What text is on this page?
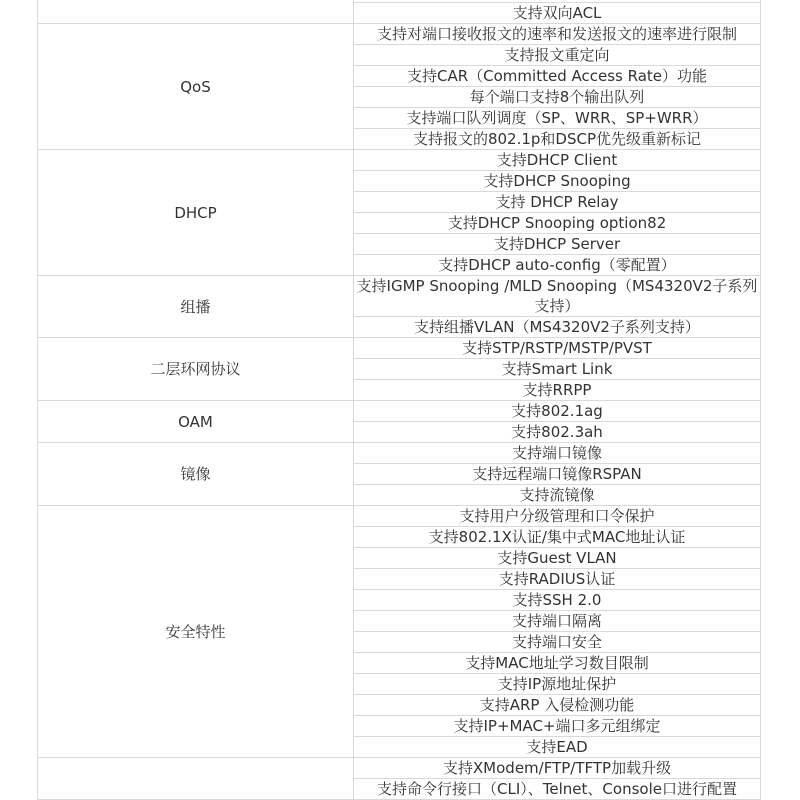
	支持双向ACL
QoS	支持对端口接收报文的速率和发送报文的速率进行限制
	支持报文重定向
	支持CAR（Committed Access Rate）功能
	每个端口支持8个输出队列
	支持端口队列调度（SP、WRR、SP+WRR）
	支持报文的802.1p和DSCP优先级重新标记
DHCP	支持DHCP Client
	支持DHCP Snooping
	支持 DHCP Relay
	支持DHCP Snooping option82
	支持DHCP Server
	支持DHCP auto-config（零配置）
组播	支持IGMP Snooping /MLD Snooping（MS4320V2子系列支持）
	支持组播VLAN（MS4320V2子系列支持）
二层环网协议	支持STP/RSTP/MSTP/PVST
	支持Smart Link
	支持RRPP
OAM	支持802.1ag
	支持802.3ah
镜像	支持端口镜像
	支持远程端口镜像RSPAN
	支持流镜像
安全特性	支持用户分级管理和口令保护
	支持802.1X认证/集中式MAC地址认证
	支持Guest VLAN
	支持RADIUS认证
	支持SSH 2.0
	支持端口隔离
	支持端口安全
	支持MAC地址学习数目限制
	支持IP源地址保护
	支持ARP 入侵检测功能
	支持IP+MAC+端口多元组绑定
	支持EAD
	支持XModem/FTP/TFTP加载升级
	支持命令行接口（CLI）、Telnet、Console口进行配置
